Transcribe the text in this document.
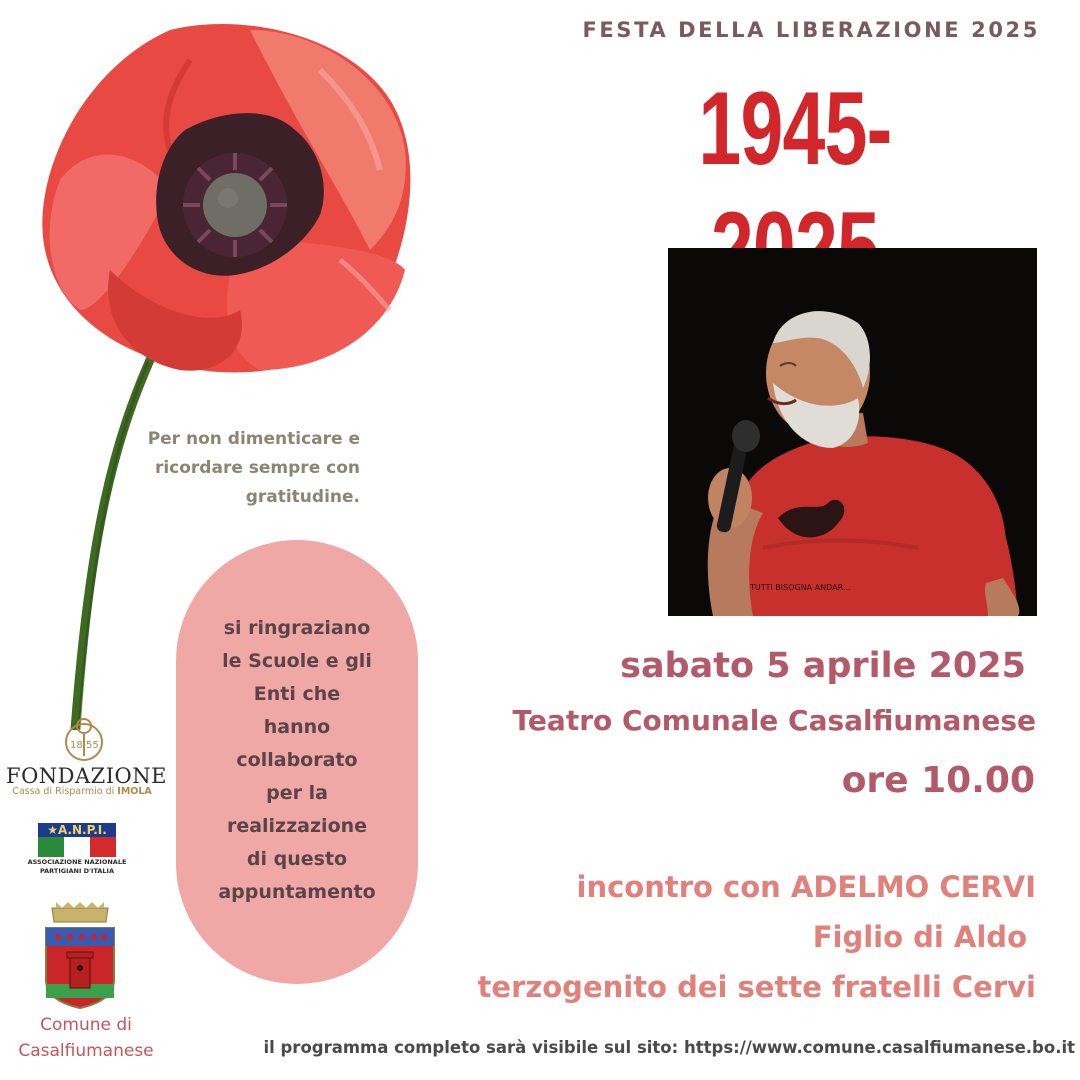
FESTA DELLA LIBERAZIONE 2025
1945-
TUTTI BISOGNA ANDAR...
Per non dimenticare e ricordare sempre con gratitudine.
si ringraziano
le Scuole e gli
Enti che
hanno
collaborato
per la
realizzazione
di questo
appuntamento
sabato 5 aprile 2025
Teatro Comunale Casalfiumanese
ore 10.00
incontro con ADELMO CERVI
Figlio di Aldo
terzogenito dei sette fratelli Cervi
il programma completo sarà visibile sul sito: https://www.comune.casalfiumanese.bo.it
18 55
FONDAZIONE
Cassa di Risparmio di IMOLA
★A.N.P.I.
ASSOCIAZIONE NAZIONALE
PARTIGIANI D'ITALIA
Comune di
Casalfiumanese
